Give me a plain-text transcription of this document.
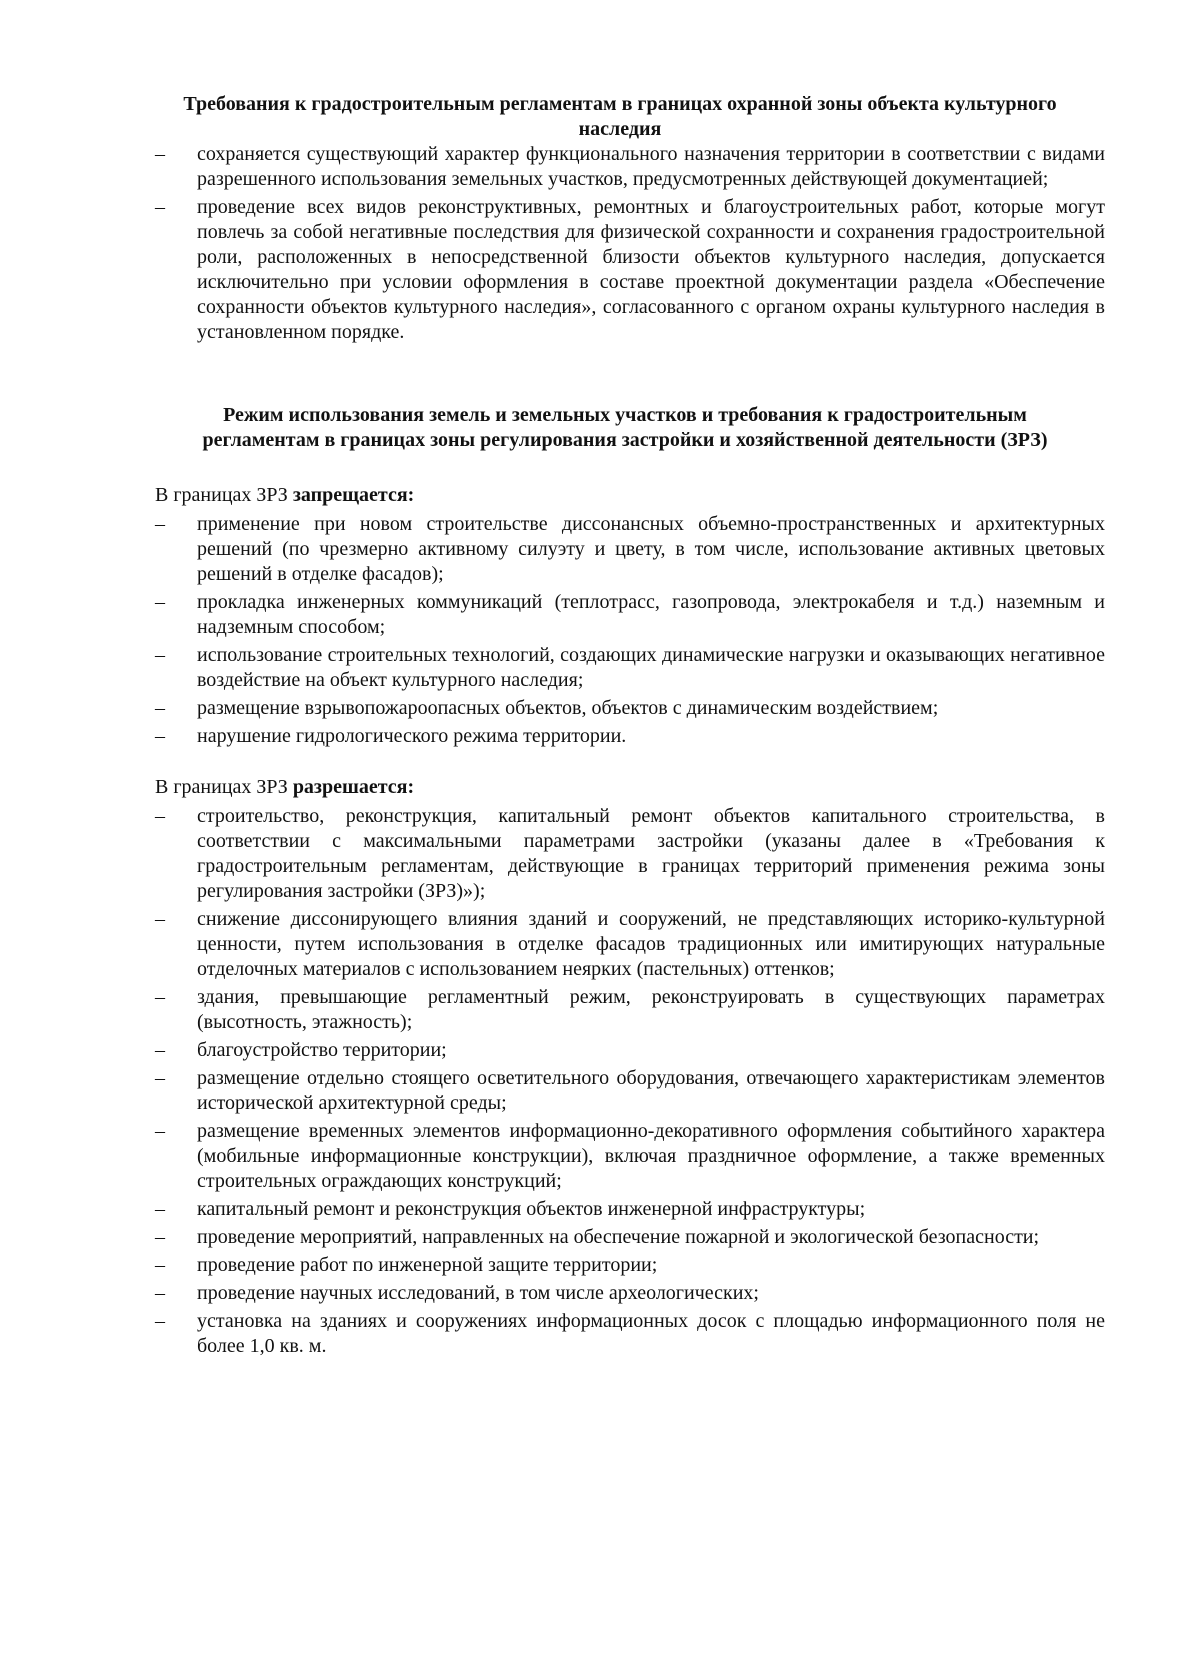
Требования к градостроительным регламентам в границах охранной зоны объекта культурного наследия
– сохраняется существующий характер функционального назначения территории в соответствии с видами разрешенного использования земельных участков, предусмотренных действующей документацией;
– проведение всех видов реконструктивных, ремонтных и благоустроительных работ, которые могут повлечь за собой негативные последствия для физической сохранности и сохранения градостроительной роли, расположенных в непосредственной близости объектов культурного наследия, допускается исключительно при условии оформления в составе проектной документации раздела «Обеспечение сохранности объектов культурного наследия», согласованного с органом охраны культурного наследия в установленном порядке.
Режим использования земель и земельных участков и требования к градостроительным регламентам в границах зоны регулирования застройки и хозяйственной деятельности (ЗРЗ)

В границах ЗРЗ запрещается:

– применение при новом строительстве диссонансных объемно-пространственных и архитектурных решений (по чрезмерно активному силуэту и цвету, в том числе, использование активных цветовых решений в отделке фасадов);
– прокладка инженерных коммуникаций (теплотрасс, газопровода, электрокабеля и т.д.) наземным и надземным способом;
– использование строительных технологий, создающих динамические нагрузки и оказывающих негативное воздействие на объект культурного наследия;
– размещение взрывопожароопасных объектов, объектов с динамическим воздействием;
– нарушение гидрологического режима территории.

В границах ЗРЗ разрешается:

– строительство, реконструкция, капитальный ремонт объектов капитального строительства, в соответствии с максимальными параметрами застройки (указаны далее в «Требования к градостроительным регламентам, действующие в границах территорий применения режима зоны регулирования застройки (ЗРЗ)»);
– снижение диссонирующего влияния зданий и сооружений, не представляющих историко-культурной ценности, путем использования в отделке фасадов традиционных или имитирующих натуральные отделочных материалов с использованием неярких (пастельных) оттенков;
– здания, превышающие регламентный режим, реконструировать в существующих параметрах (высотность, этажность);
– благоустройство территории;
– размещение отдельно стоящего осветительного оборудования, отвечающего характеристикам элементов исторической архитектурной среды;
– размещение временных элементов информационно-декоративного оформления событийного характера (мобильные информационные конструкции), включая праздничное оформление, а также временных строительных ограждающих конструкций;
– капитальный ремонт и реконструкция объектов инженерной инфраструктуры;
– проведение мероприятий, направленных на обеспечение пожарной и экологической безопасности;
– проведение работ по инженерной защите территории;
– проведение научных исследований, в том числе археологических;
– установка на зданиях и сооружениях информационных досок с площадью информационного поля не более 1,0 кв. м.
